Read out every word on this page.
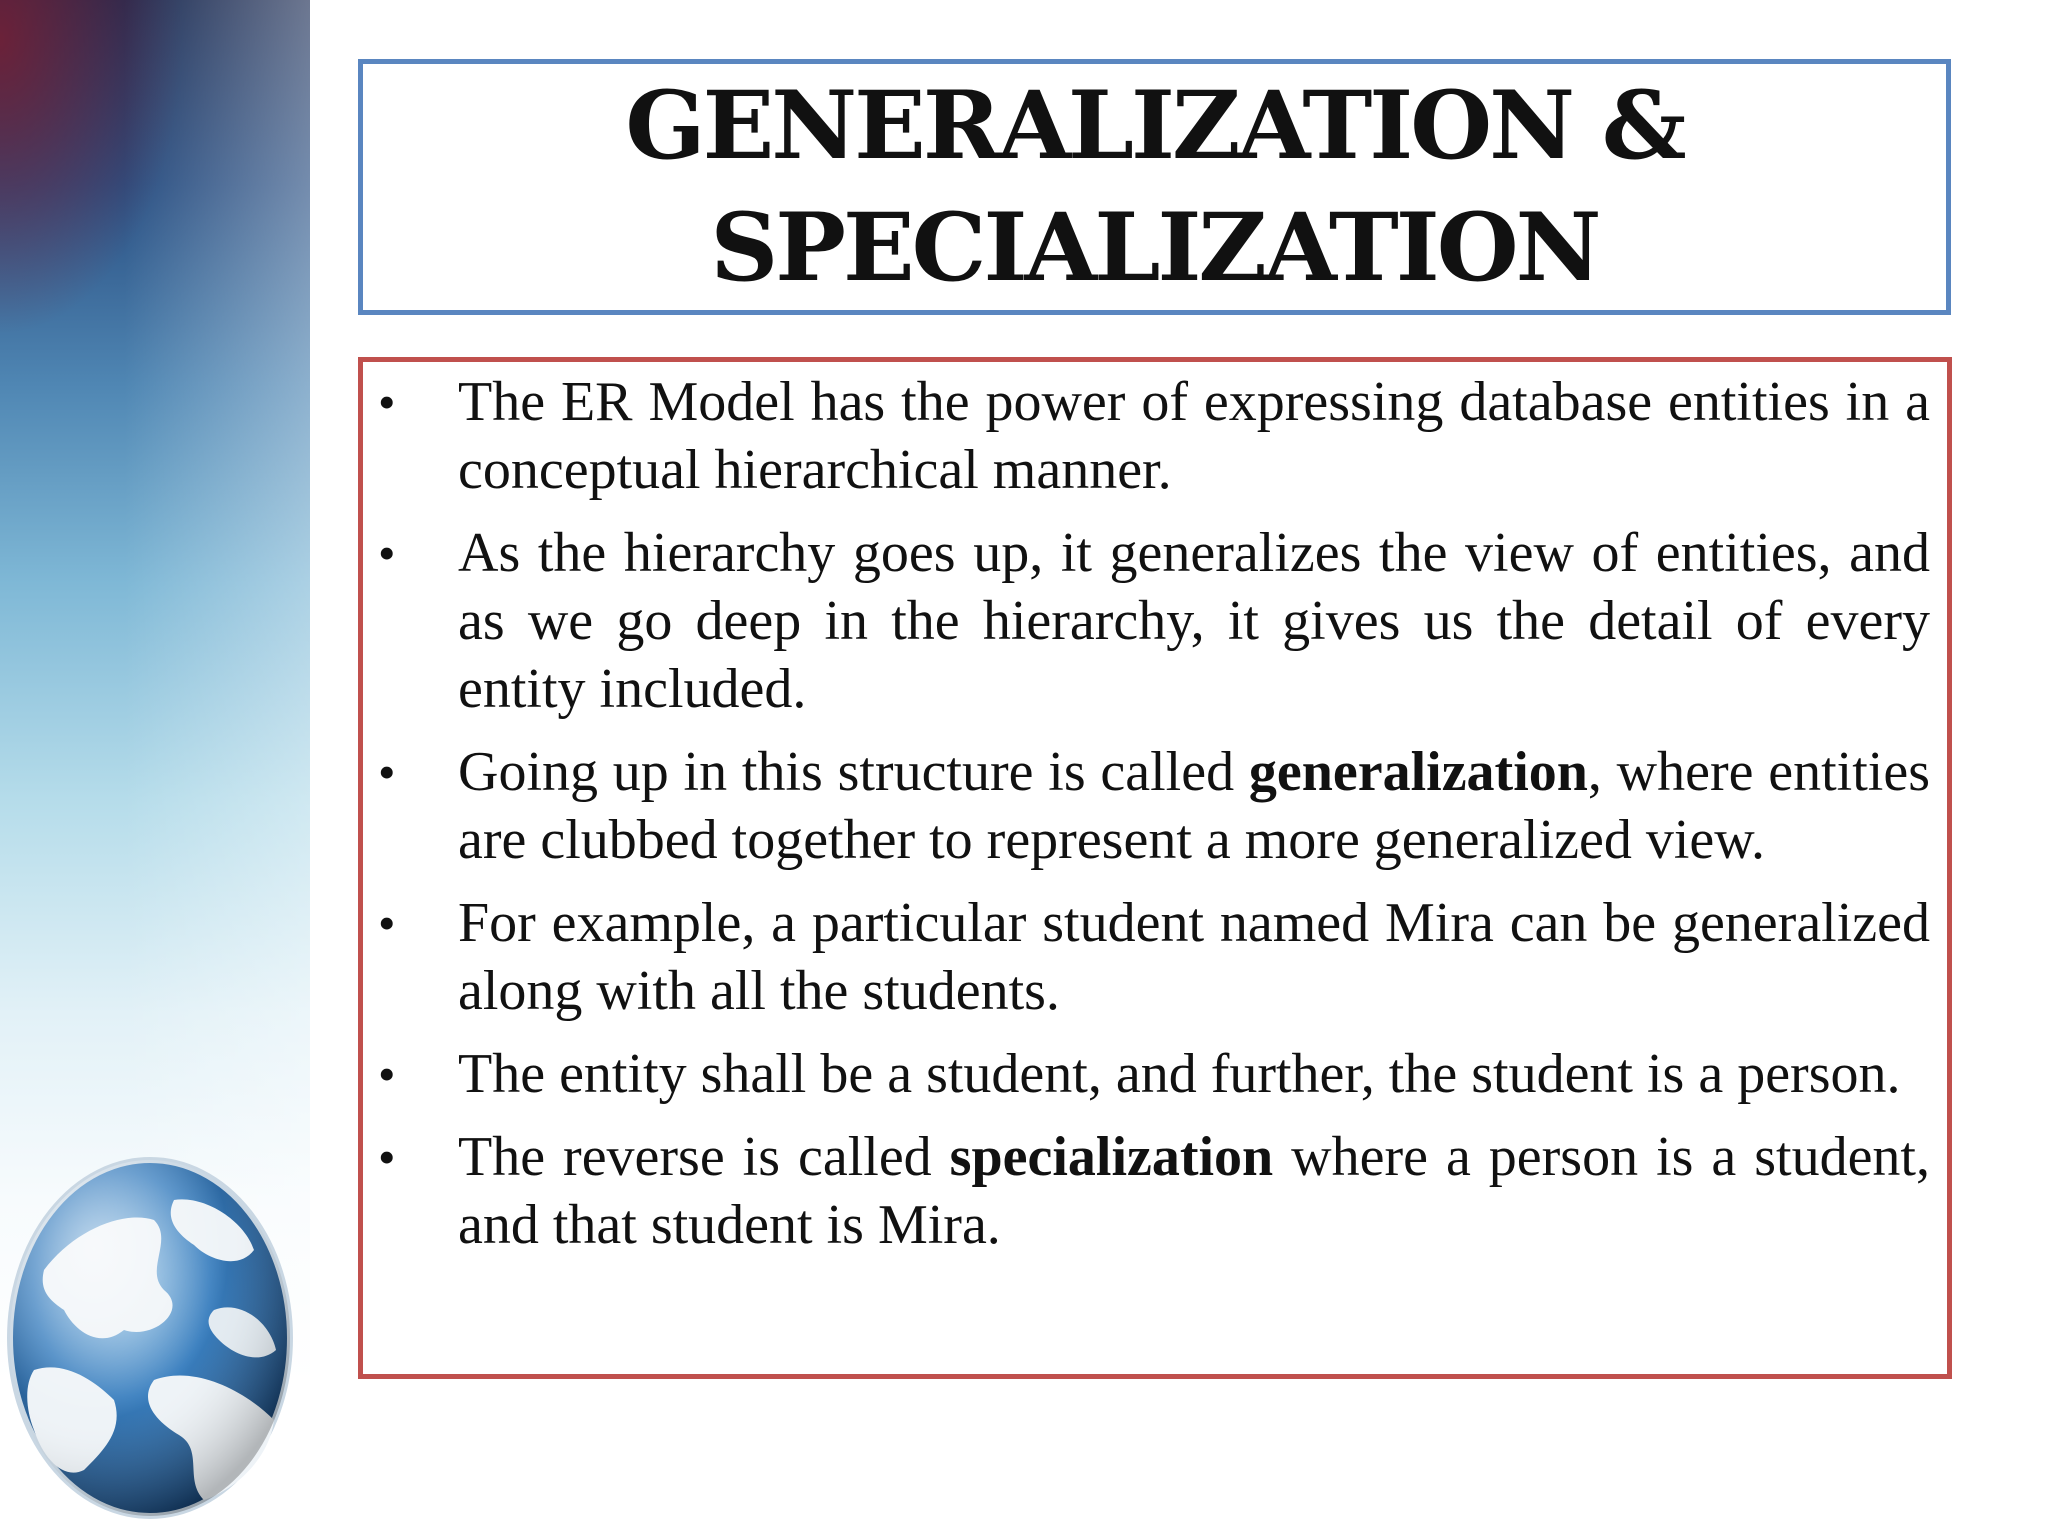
GENERALIZATION &
SPECIALIZATION
• The ER Model has the power of expressing database entities in a conceptual hierarchical manner.
• As the hierarchy goes up, it generalizes the view of entities, and as we go deep in the hierarchy, it gives us the detail of every entity included.
• Going up in this structure is called generalization, where entities are clubbed together to represent a more generalized view.
• For example, a particular student named Mira can be generalized along with all the students.
• The entity shall be a student, and further, the student is a person.
• The reverse is called specialization where a person is a student, and that student is Mira.
